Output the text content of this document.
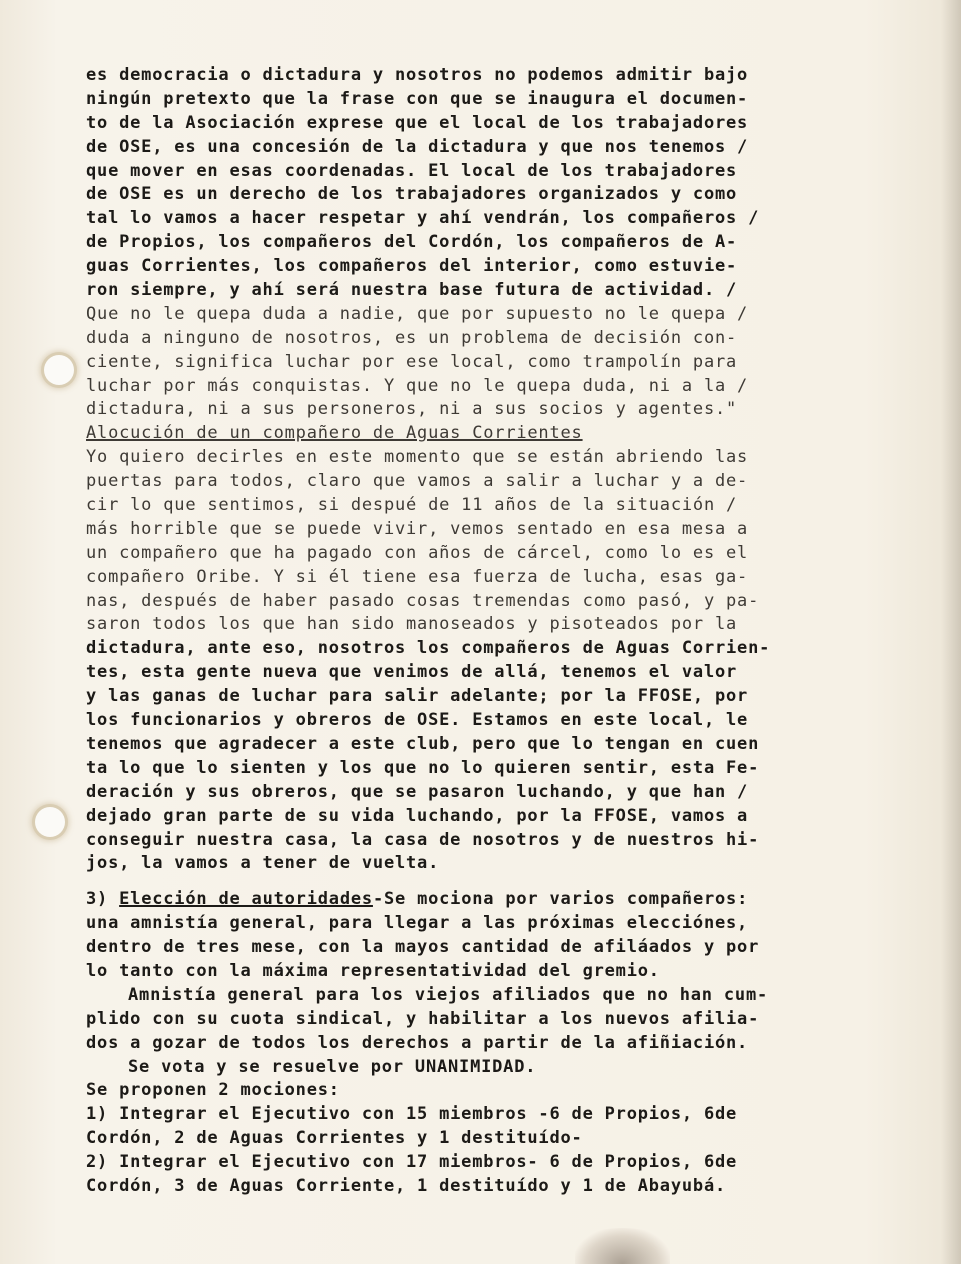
es democracia o dictadura y nosotros no podemos admitir bajo
ningún pretexto que la frase con que se inaugura el documen-
to de la Asociación exprese que el local de los trabajadores
de OSE, es una concesión de la dictadura y que nos tenemos /
que mover en esas coordenadas. El local de los trabajadores
de OSE es un derecho de los trabajadores organizados y como
tal lo vamos a hacer respetar y ahí vendrán, los compañeros /
de Propios, los compañeros del Cordón, los compañeros de A-
guas Corrientes, los compañeros del interior, como estuvie-
ron siempre, y ahí será nuestra base futura de actividad. /
Que no le quepa duda a nadie, que por supuesto no le quepa /
duda a ninguno de nosotros, es un problema de decisión con-
ciente, significa luchar por ese local, como trampolín para
luchar por más conquistas. Y que no le quepa duda, ni a la /
dictadura, ni a sus personeros, ni a sus socios y agentes."
Alocución de un compañero de Aguas Corrientes
Yo quiero decirles en este momento que se están abriendo las
puertas para todos, claro que vamos a salir a luchar y a de-
cir lo que sentimos, si despué de 11 años de la situación /
más horrible que se puede vivir, vemos sentado en esa mesa a
un compañero que ha pagado con años de cárcel, como lo es el
compañero Oribe. Y si él tiene esa fuerza de lucha, esas ga-
nas, después de haber pasado cosas tremendas como pasó, y pa-
saron todos los que han sido manoseados y pisoteados por la
dictadura, ante eso, nosotros los compañeros de Aguas Corrien-
tes, esta gente nueva que venimos de allá, tenemos el valor
y las ganas de luchar para salir adelante; por la FFOSE, por
los funcionarios y obreros de OSE. Estamos en este local, le
tenemos que agradecer a este club, pero que lo tengan en cuen
ta lo que lo sienten y los que no lo quieren sentir, esta Fe-
deración y sus obreros, que se pasaron luchando, y que han /
dejado gran parte de su vida luchando, por la FFOSE, vamos a
conseguir nuestra casa, la casa de nosotros y de nuestros hi-
jos, la vamos a tener de vuelta.
3) Elección de autoridades-Se mociona por varios compañeros:
una amnistía general, para llegar a las próximas elecciónes,
dentro de tres mese, con la mayos cantidad de afiláados y por
lo tanto con la máxima representatividad del gremio.
Amnistía general para los viejos afiliados que no han cum-
plido con su cuota sindical, y habilitar a los nuevos afilia-
dos a gozar de todos los derechos a partir de la afiñiación.
Se vota y se resuelve por UNANIMIDAD.
Se proponen 2 mociones:
1) Integrar el Ejecutivo con 15 miembros -6 de Propios, 6de
Cordón, 2 de Aguas Corrientes y 1 destituído-
2) Integrar el Ejecutivo con 17 miembros- 6 de Propios, 6de
Cordón, 3 de Aguas Corriente, 1 destituído y 1 de Abayubá.
